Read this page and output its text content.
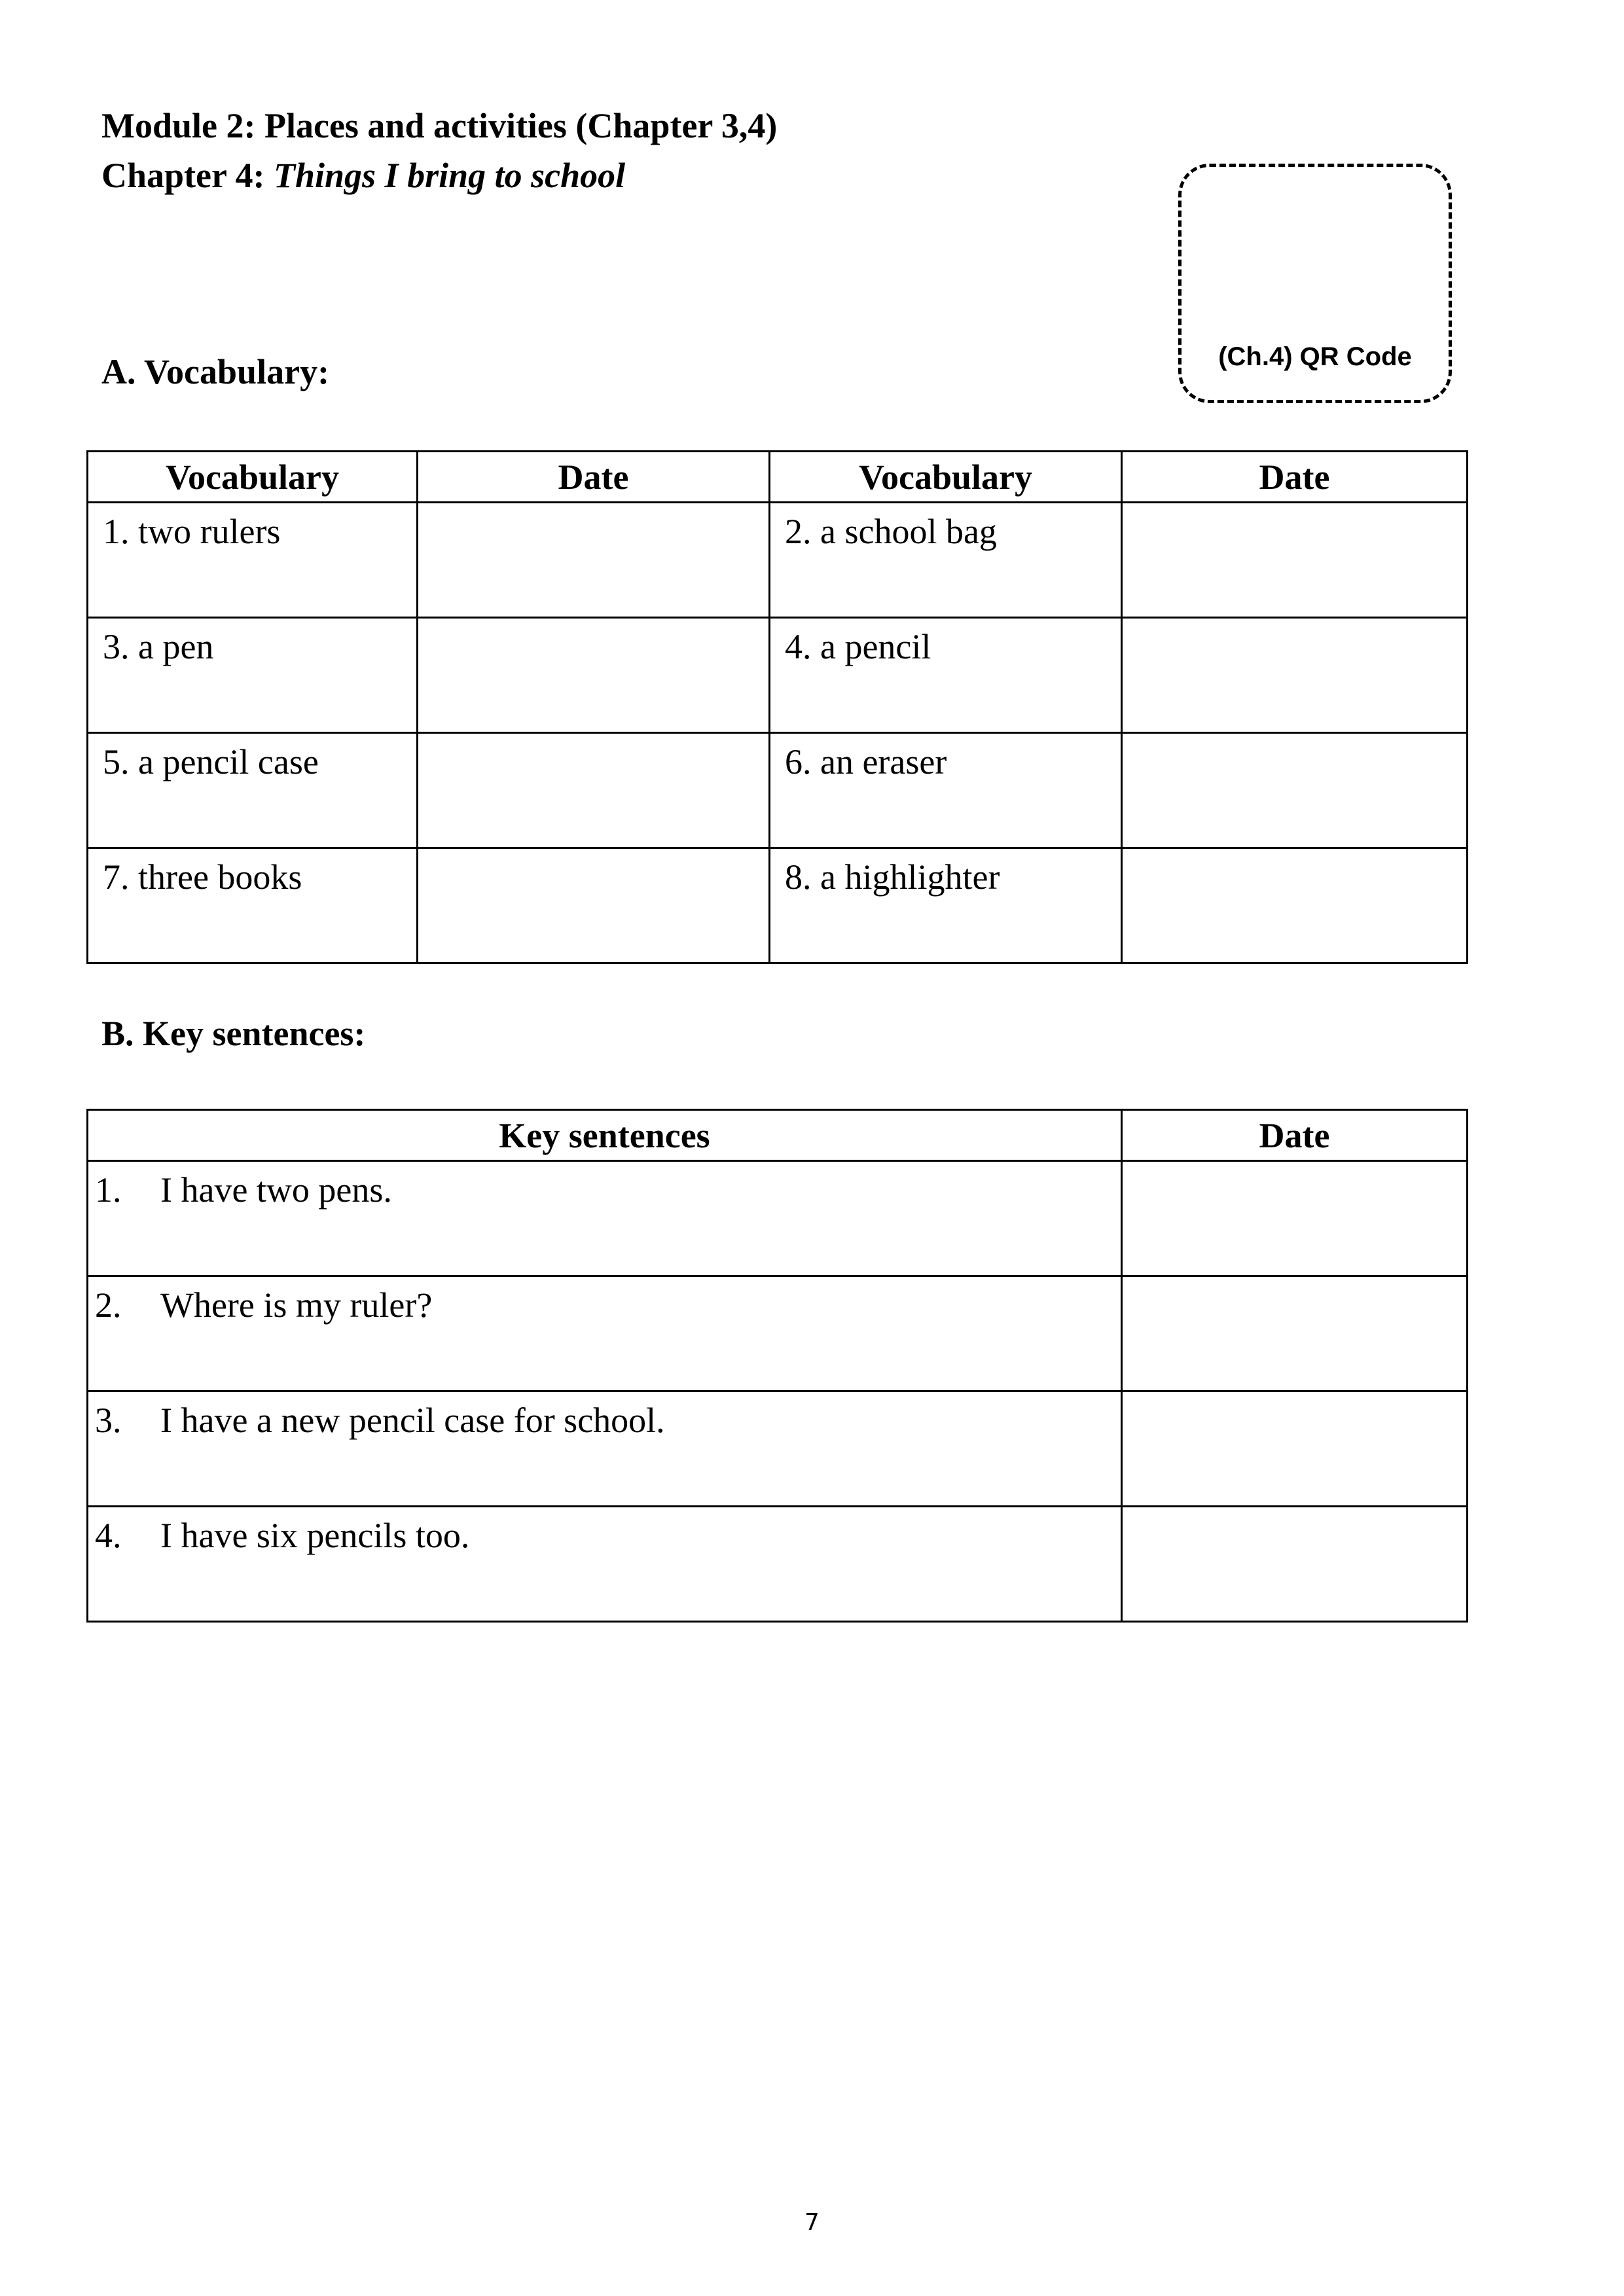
Module 2: Places and activities (Chapter 3,4)
Chapter 4: Things I bring to school
(Ch.4) QR Code
A. Vocabulary:
Vocabulary	Date	Vocabulary	Date
1. two rulers		2. a school bag	
3. a pen		4. a pencil	
5. a pencil case		6. an eraser	
7. three books		8. a highlighter	
B. Key sentences:
Key sentences	Date
1. I have two pens.	
2. Where is my ruler?	
3. I have a new pencil case for school.	
4. I have six pencils too.	
7
